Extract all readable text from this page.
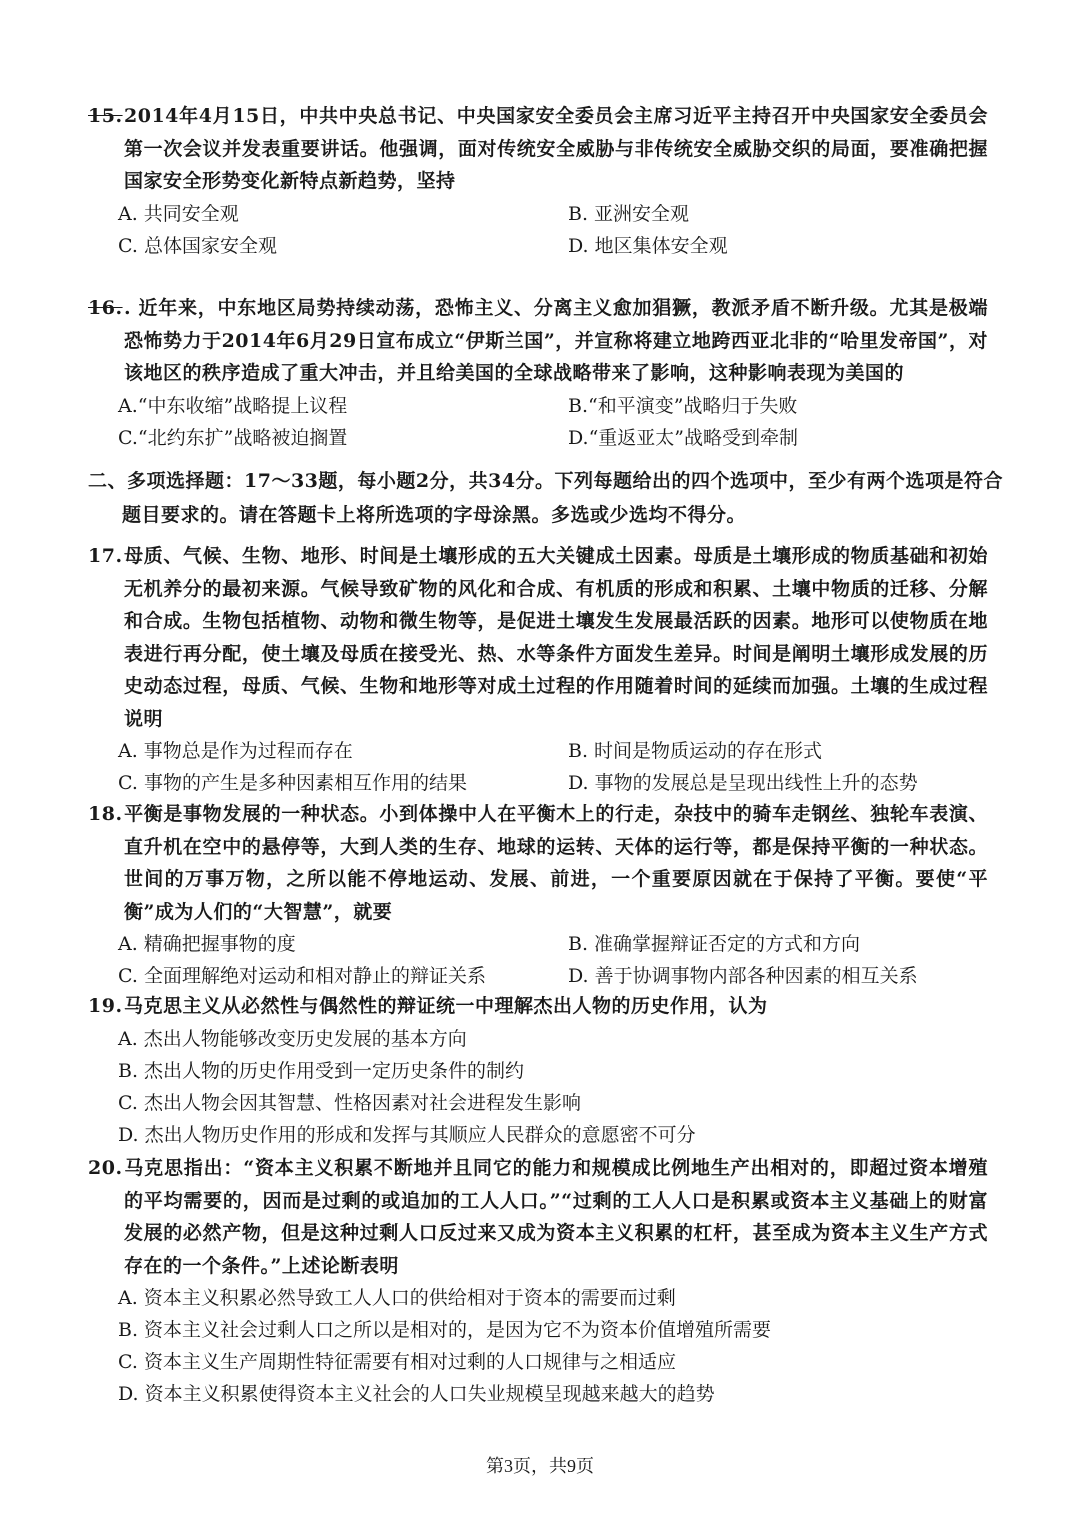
15.2014年4月15日，中共中央总书记、中央国家安全委员会主席习近平主持召开中央国家安全委员会第一次会议并发表重要讲话。他强调，面对传统安全威胁与非传统安全威胁交织的局面，要准确把握国家安全形势变化新特点新趋势，坚持

A. 共同安全观	B. 亚洲安全观
C. 总体国家安全观	D. 地区集体安全观

16.. 近年来，中东地区局势持续动荡，恐怖主义、分离主义愈加猖獗，教派矛盾不断升级。尤其是极端恐怖势力于2014年6月29日宣布成立“伊斯兰国”，并宣称将建立地跨西亚北非的“哈里发帝国”，对该地区的秩序造成了重大冲击，并且给美国的全球战略带来了影响，这种影响表现为美国的

A.“中东收缩”战略提上议程	B.“和平演变”战略归于失败
C.“北约东扩”战略被迫搁置	D.“重返亚太”战略受到牵制

二、多项选择题：17～33题，每小题2分，共34分。下列每题给出的四个选项中，至少有两个选项是符合题目要求的。请在答题卡上将所选项的字母涂黑。多选或少选均不得分。

17.母质、气候、生物、地形、时间是土壤形成的五大关键成土因素。母质是土壤形成的物质基础和初始无机养分的最初来源。气候导致矿物的风化和合成、有机质的形成和积累、土壤中物质的迁移、分解和合成。生物包括植物、动物和微生物等，是促进土壤发生发展最活跃的因素。地形可以使物质在地表进行再分配，使土壤及母质在接受光、热、水等条件方面发生差异。时间是阐明土壤形成发展的历史动态过程，母质、气候、生物和地形等对成土过程的作用随着时间的延续而加强。土壤的生成过程说明

A. 事物总是作为过程而存在	B. 时间是物质运动的存在形式
C. 事物的产生是多种因素相互作用的结果	D. 事物的发展总是呈现出线性上升的态势

18.平衡是事物发展的一种状态。小到体操中人在平衡木上的行走，杂技中的骑车走钢丝、独轮车表演、直升机在空中的悬停等，大到人类的生存、地球的运转、天体的运行等，都是保持平衡的一种状态。世间的万事万物，之所以能不停地运动、发展、前进，一个重要原因就在于保持了平衡。要使“平衡”成为人们的“大智慧”，就要

A. 精确把握事物的度	B. 准确掌握辩证否定的方式和方向
C. 全面理解绝对运动和相对静止的辩证关系	D. 善于协调事物内部各种因素的相互关系

19.马克思主义从必然性与偶然性的辩证统一中理解杰出人物的历史作用，认为

A. 杰出人物能够改变历史发展的基本方向
B. 杰出人物的历史作用受到一定历史条件的制约
C. 杰出人物会因其智慧、性格因素对社会进程发生影响
D. 杰出人物历史作用的形成和发挥与其顺应人民群众的意愿密不可分

20.马克思指出：“资本主义积累不断地并且同它的能力和规模成比例地生产出相对的，即超过资本增殖的平均需要的，因而是过剩的或追加的工人人口。”“过剩的工人人口是积累或资本主义基础上的财富发展的必然产物，但是这种过剩人口反过来又成为资本主义积累的杠杆，甚至成为资本主义生产方式存在的一个条件。”上述论断表明

A. 资本主义积累必然导致工人人口的供给相对于资本的需要而过剩
B. 资本主义社会过剩人口之所以是相对的，是因为它不为资本价值增殖所需要
C. 资本主义生产周期性特征需要有相对过剩的人口规律与之相适应
D. 资本主义积累使得资本主义社会的人口失业规模呈现越来越大的趋势
第3页，共9页
